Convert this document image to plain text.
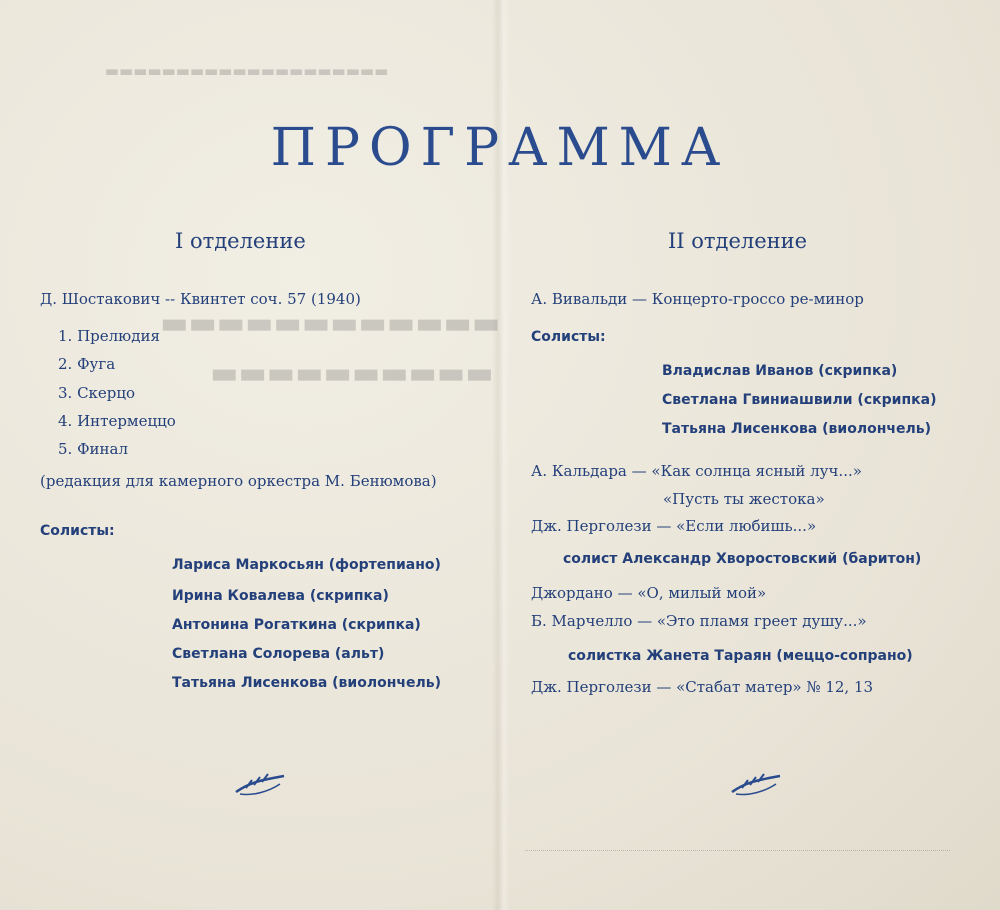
​▬▬▬▬▬▬▬▬▬▬▬▬▬▬▬▬▬▬▬▬
▬▬▬▬▬▬▬▬▬▬▬▬
▬▬▬▬▬▬▬▬▬▬
ПРОГРАММА
I отделение
Д. Шостакович -- Квинтет соч. 57 (1940)
1. Прелюдия
2. Фуга
3. Скерцо
4. Интермеццо
5. Финал
(редакция для камерного оркестра М. Бенюмова)
Солисты:
Лариса Маркосьян (фортепиано)
Ирина Ковалева (скрипка)
Антонина Рогаткина (скрипка)
Светлана Солорева (альт)
Татьяна Лисенкова (виолончель)
II отделение
А. Вивальди — Концерто-гроссо ре-минор
Солисты:
Владислав Иванов (скрипка)
Светлана Гвиниашвили (скрипка)
Татьяна Лисенкова (виолончель)
А. Кальдара — «Как солнца ясный луч...»
«Пусть ты жестока»
Дж. Перголези — «Если любишь...»
солист Александр Хворостовский (баритон)
Джордано — «О, милый мой»
Б. Марчелло — «Это пламя греет душу...»
солистка Жанета Тараян (меццо-сопрано)
Дж. Перголези — «Стабат матер» № 12, 13
